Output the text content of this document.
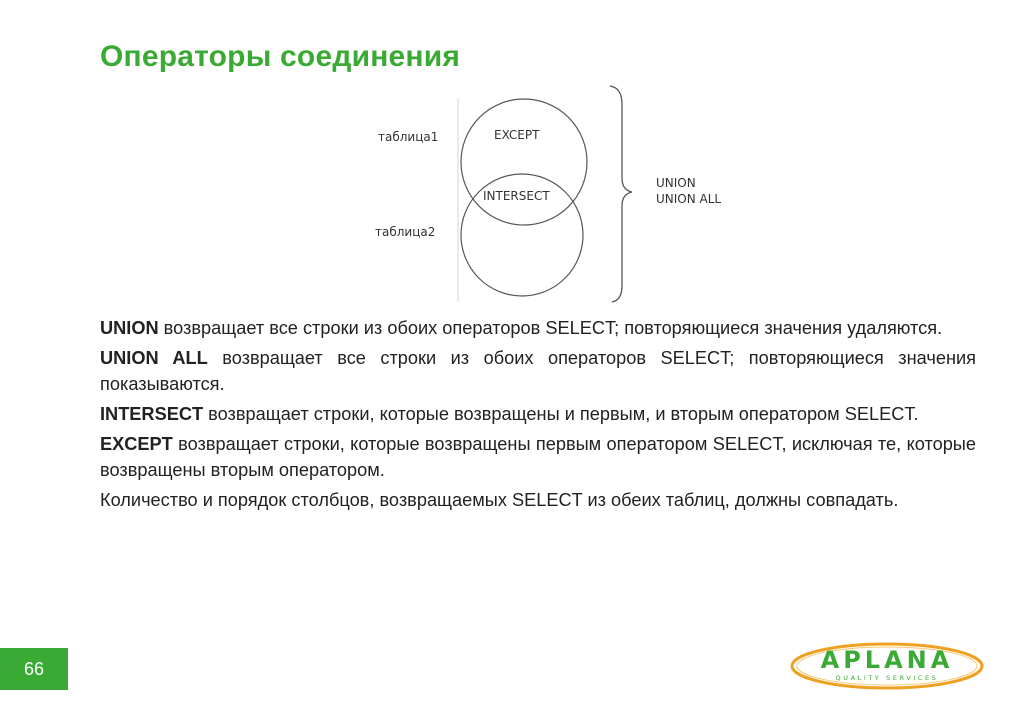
Операторы соединения
таблица1	EXCEPT
INTERSECT
таблица2
UNION
UNION ALL

UNION возвращает все строки из обоих операторов SELECT; повторяющиеся значения удаляются.

UNION ALL возвращает все строки из обоих операторов SELECT; повторяющиеся значения показываются.

INTERSECT возвращает строки, которые возвращены и первым, и вторым оператором SELECT.

EXCEPT возвращает строки, которые возвращены первым оператором SELECT, исключая те, которые возвращены вторым оператором.

Количество и порядок столбцов, возвращаемых SELECT из обеих таблиц, должны совпадать.

66	APLANA
QUALITY SERVICES
